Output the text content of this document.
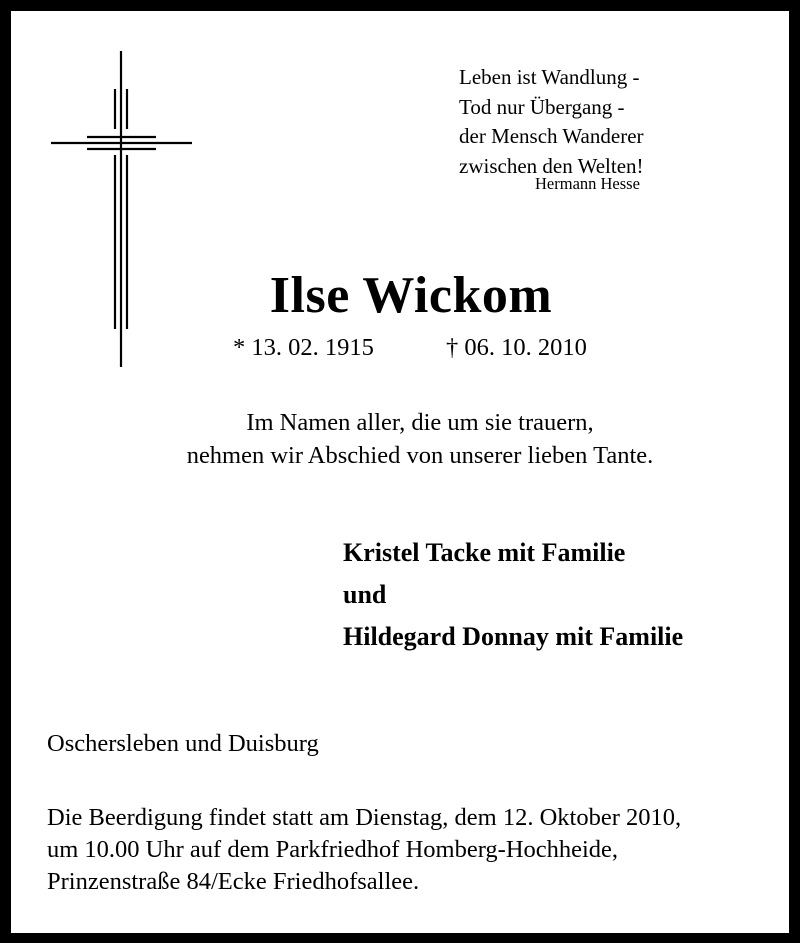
Leben ist Wandlung -
Tod nur Übergang -
der Mensch Wanderer
zwischen den Welten!
Hermann Hesse
Ilse Wickom
* 13. 02. 1915	† 06. 10. 2010
Im Namen aller, die um sie trauern,
nehmen wir Abschied von unserer lieben Tante.
Kristel Tacke mit Familie
und
Hildegard Donnay mit Familie
Oschersleben und Duisburg
Die Beerdigung findet statt am Dienstag, dem 12. Oktober 2010,
um 10.00 Uhr auf dem Parkfriedhof Homberg-Hochheide,
Prinzenstraße 84/Ecke Friedhofsallee.
